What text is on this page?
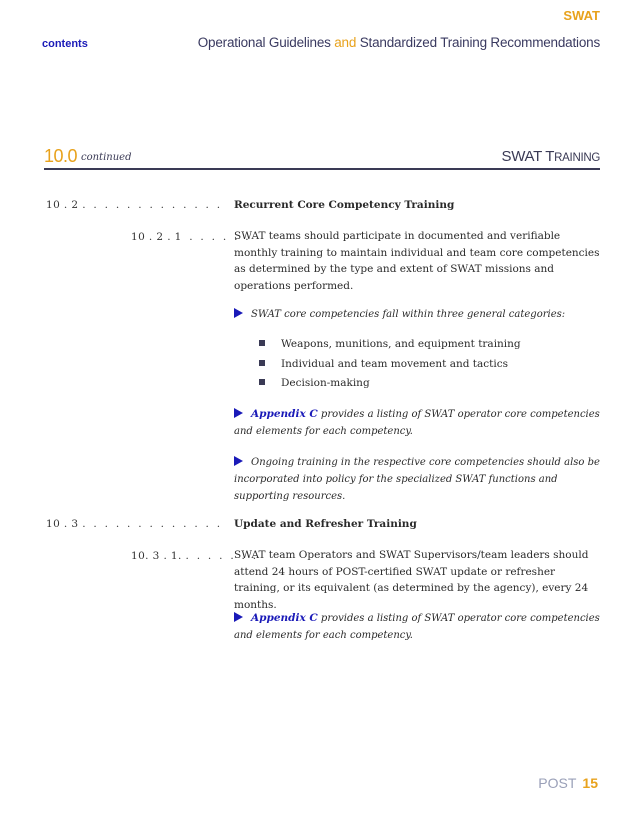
SWAT
contents	Operational Guidelines and Standardized Training Recommendations
10.0 continued	SWAT TRAINING
10 . 2 .  .  .  .  .  .  .  .  .  .  .  .  . Recurrent Core Competency Training
10 . 2 . 1  .  .  .  .  .  .
SWAT teams should participate in documented and verifiable monthly training to maintain individual and team core competencies as determined by the type and extent of SWAT missions and operations performed.
SWAT core competencies fall within three general categories:
Weapons, munitions, and equipment training
Individual and team movement and tactics
Decision-making
Appendix C provides a listing of SWAT operator core competencies and elements for each competency.
Ongoing training in the respective core competencies should also be incorporated into policy for the specialized SWAT functions and supporting resources.
10 . 3 .  .  .  .  .  .  .  .  .  .  .  .  . Update and Refresher Training
10. 3 . 1. .  .  .  .  .  .  .
SWAT team Operators and SWAT Supervisors/team leaders should attend 24 hours of POST-certified SWAT update or refresher training, or its equivalent (as determined by the agency), every 24 months.
Appendix C provides a listing of SWAT operator core competencies and elements for each competency.
POST 15
